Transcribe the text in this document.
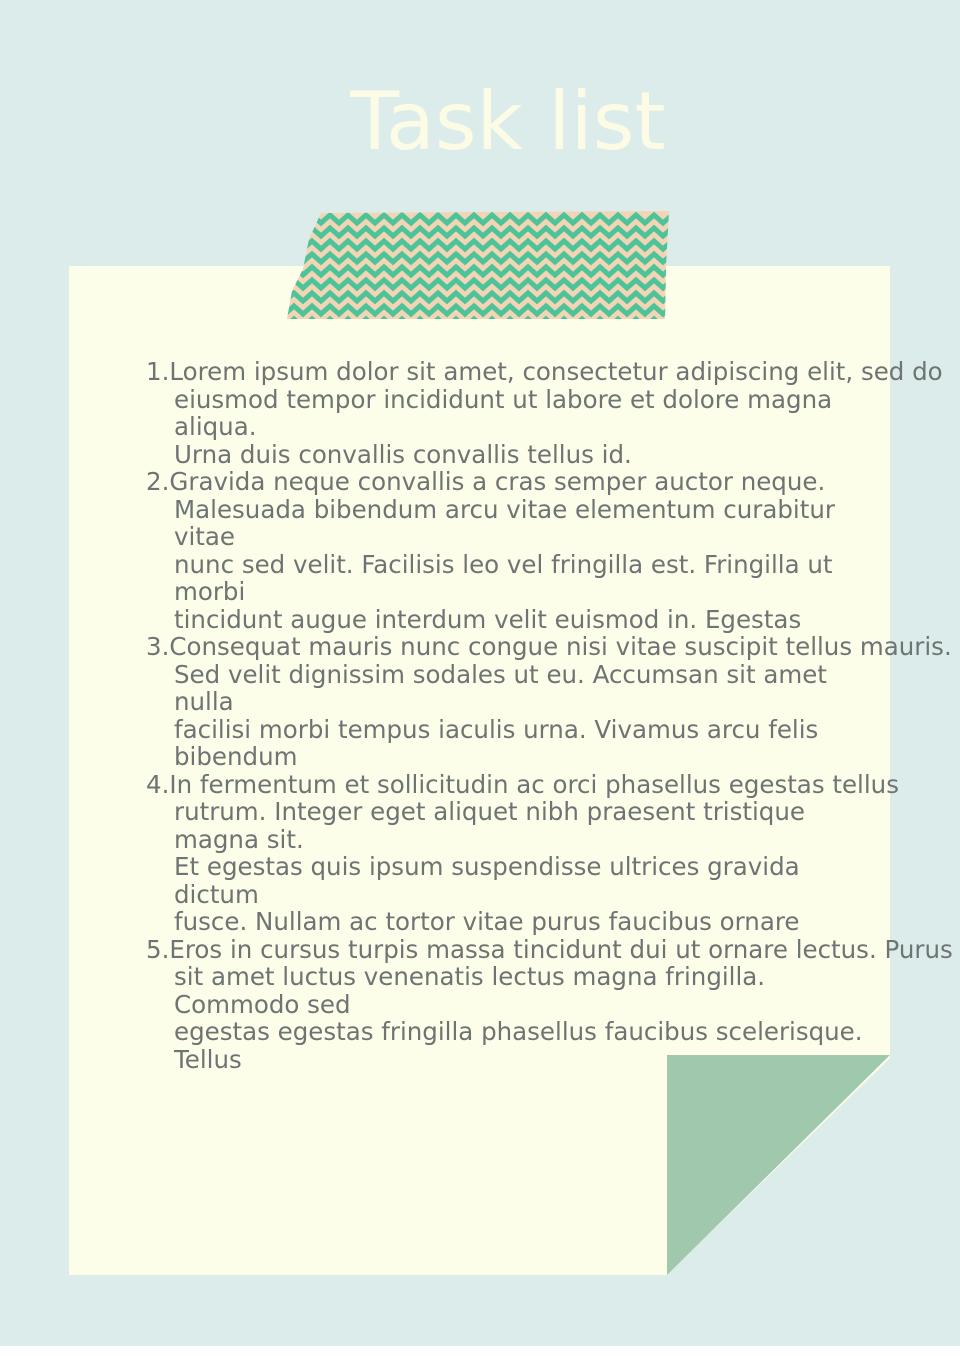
Task list
1.Lorem ipsum dolor sit amet, consectetur adipiscing elit, sed do
eiusmod tempor incididunt ut labore et dolore magna aliqua.
Urna duis convallis convallis tellus id.
2.Gravida neque convallis a cras semper auctor neque.
Malesuada bibendum arcu vitae elementum curabitur vitae
nunc sed velit. Facilisis leo vel fringilla est. Fringilla ut morbi
tincidunt augue interdum velit euismod in. Egestas
3.Consequat mauris nunc congue nisi vitae suscipit tellus mauris.
Sed velit dignissim sodales ut eu. Accumsan sit amet nulla
facilisi morbi tempus iaculis urna. Vivamus arcu felis bibendum
4.In fermentum et sollicitudin ac orci phasellus egestas tellus
rutrum. Integer eget aliquet nibh praesent tristique magna sit.
Et egestas quis ipsum suspendisse ultrices gravida dictum
fusce. Nullam ac tortor vitae purus faucibus ornare
5.Eros in cursus turpis massa tincidunt dui ut ornare lectus. Purus
sit amet luctus venenatis lectus magna fringilla. Commodo sed
egestas egestas fringilla phasellus faucibus scelerisque. Tellus
